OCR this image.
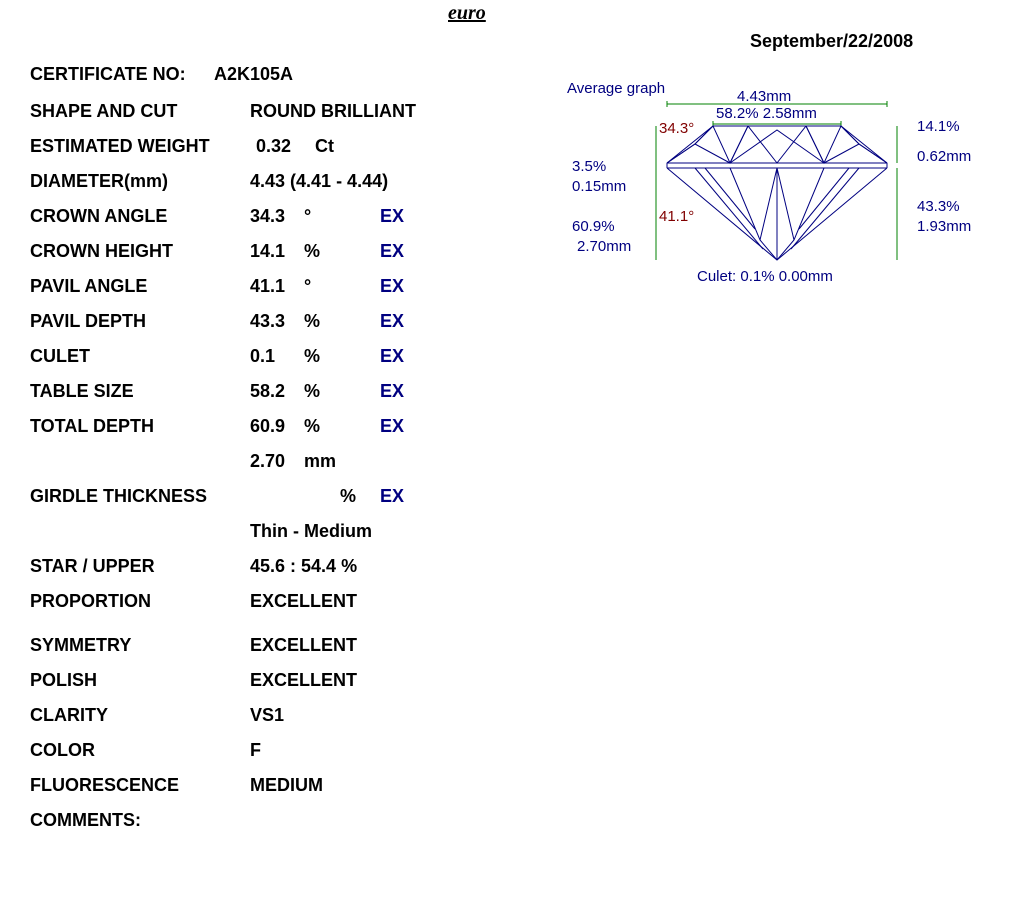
euro
September/22/2008
CERTIFICATE NO: A2K105A
SHAPE AND CUT	ROUND BRILLIANT
ESTIMATED WEIGHT	0.32 Ct
DIAMETER(mm)	4.43 (4.41 - 4.44)
CROWN ANGLE	34.3 °	EX
CROWN HEIGHT	14.1 %	EX
PAVIL ANGLE	41.1 °	EX
PAVIL DEPTH	43.3 %	EX
CULET	0.1 %	EX
TABLE SIZE	58.2 %	EX
TOTAL DEPTH	60.9 %	EX
2.70 mm
GIRDLE THICKNESS	% EX
Thin - Medium
STAR / UPPER	45.6 : 54.4 %
PROPORTION	EXCELLENT
SYMMETRY	EXCELLENT
POLISH	EXCELLENT
CLARITY	VS1
COLOR	F
FLUORESCENCE	MEDIUM
COMMENTS:
Average graph	4.43mm
58.2% 2.58mm
34.3°	14.1%
0.62mm
3.5%
0.15mm
60.9%
2.70mm
41.1°
43.3%
1.93mm
Culet: 0.1% 0.00mm
